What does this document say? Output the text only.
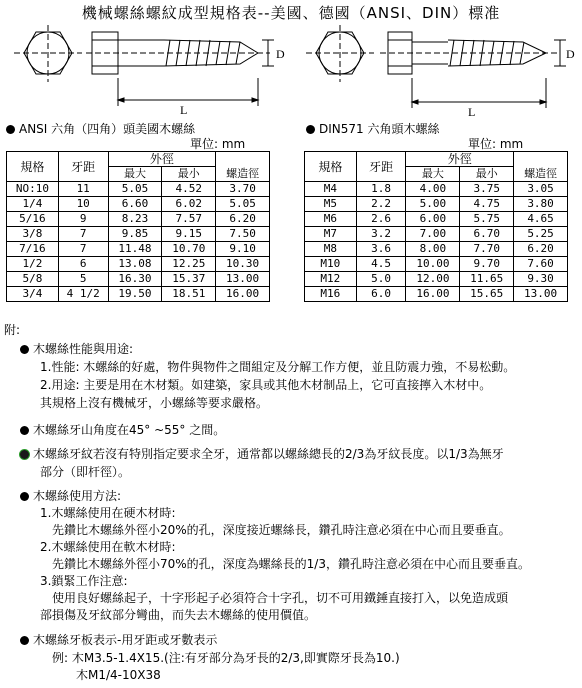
機械螺絲螺紋成型規格表--美國、德國（ANSI、DIN）標准
D
L
D
L
ANSI 六角（四角）頭美國木螺絲
單位: mm
DIN571 六角頭木螺絲
單位: mm
規格	牙距	外徑		
		最大	最小	螺造徑
NO:10	11	5.05	4.52	3.70
1/4	10	6.60	6.02	5.05
5/16	9	8.23	7.57	6.20
3/8	7	9.85	9.15	7.50
7/16	7	11.48	10.70	9.10
1/2	6	13.08	12.25	10.30
5/8	5	16.30	15.37	13.00
3/4	4 1/2	19.50	18.51	16.00
規格	牙距	外徑		
		最大	最小	螺造徑
M4	1.8	4.00	3.75	3.05
M5	2.2	5.00	4.75	3.80
M6	2.6	6.00	5.75	4.65
M7	3.2	7.00	6.70	5.25
M8	3.6	8.00	7.70	6.20
M10	4.5	10.00	9.70	7.60
M12	5.0	12.00	11.65	9.30
M16	6.0	16.00	15.65	13.00
附:
木螺絲性能與用途:
1.性能: 木螺絲的好處，物件與物件之間組定及分解工作方便，並且防震力強，不易松動。
2.用途: 主要是用在木材類。如建築，家具或其他木材制品上，它可直接擰入木材中。
其規格上沒有機械牙，小螺絲等要求嚴格。
木螺絲牙山角度在45° ~55° 之間。
木螺絲牙紋若沒有特別指定要求全牙，通常都以螺絲總長的2/3為牙紋長度。以1/3為無牙
部分（即杆徑）。
木螺絲使用方法:
1.木螺絲使用在硬木材時:
先鑽比木螺絲外徑小20%的孔，深度接近螺絲長，鑽孔時注意必須在中心而且要垂直。
2.木螺絲使用在軟木材時:
先鑽比木螺絲外徑小70%的孔，深度為螺絲長的1/3，鑽孔時注意必須在中心而且要垂直。
3.鎖緊工作注意:
使用良好螺絲起子，十字形起子必須符合十字孔，切不可用鐵錘直接打入，以免造成頭
部損傷及牙紋部分彎曲，而失去木螺絲的使用價值。
木螺絲牙板表示-用牙距或牙數表示
例: 木M3.5-1.4X15.(注:有牙部分為牙長的2/3,即實際牙長為10.)
木M1/4-10X38
